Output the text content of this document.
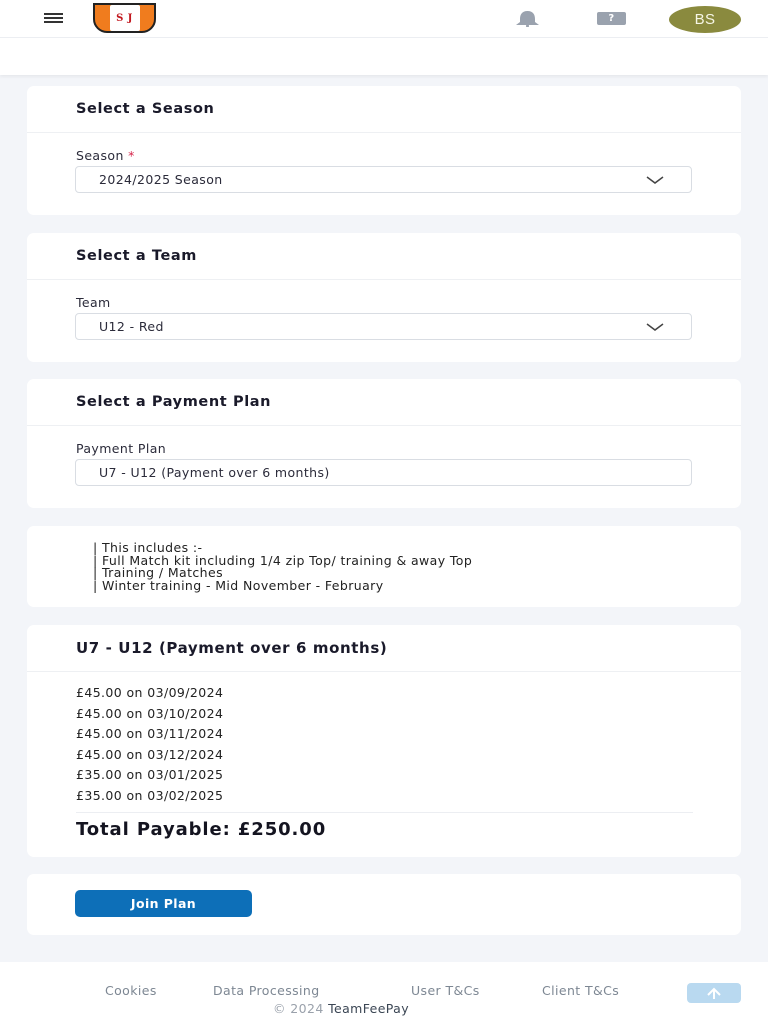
S J	?	BS
Select a Season
Season *
2024/2025 Season
Select a Team
Team
U12 - Red
Select a Payment Plan
Payment Plan
U7 - U12 (Payment over 6 months)
| This includes :-
| Full Match kit including 1/4 zip Top/ training & away Top
| Training / Matches
| Winter training - Mid November - February
U7 - U12 (Payment over 6 months)
£45.00 on 03/09/2024
£45.00 on 03/10/2024
£45.00 on 03/11/2024
£45.00 on 03/12/2024
£35.00 on 03/01/2025
£35.00 on 03/02/2025
Total Payable: £250.00
Join Plan
Cookies	Data Processing	User T&Cs	Client T&Cs
© 2024 TeamFeePay
